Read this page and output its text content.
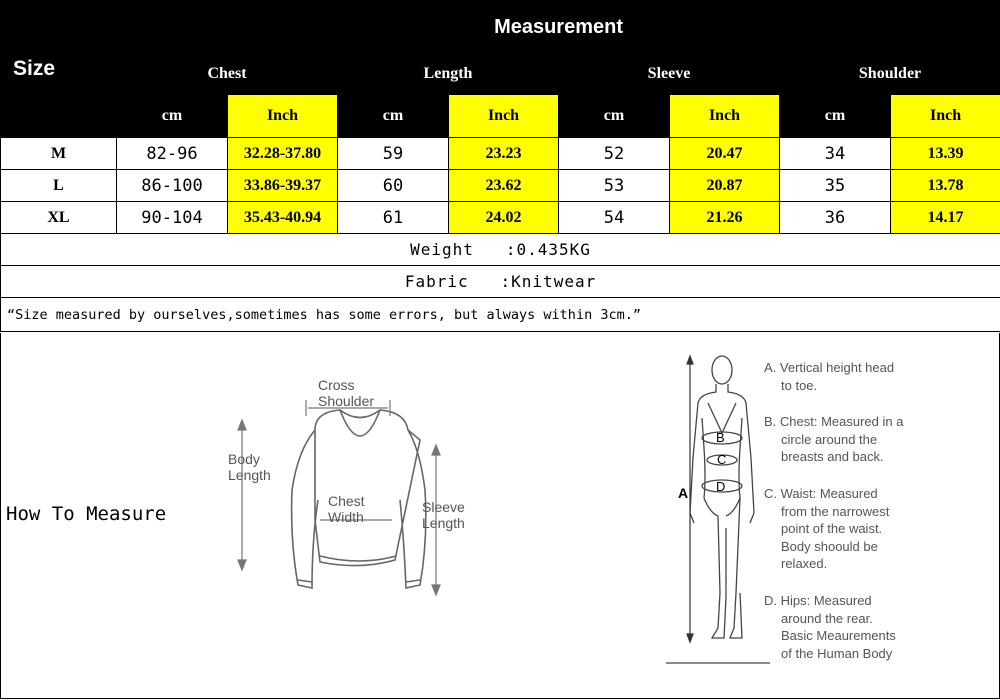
Size	Measurement							
	Chest		Length		Sleeve		Shoulder	
	cm	Inch	cm	Inch	cm	Inch	cm	Inch
M	82-96	32.28-37.80	59	23.23	52	20.47	34	13.39
L	86-100	33.86-39.37	60	23.62	53	20.87	35	13.78
XL	90-104	35.43-40.94	61	24.02	54	21.26	36	14.17
Weight   :0.435KG								
Fabric   :Knitwear								
“Size measured by ourselves,sometimes has some errors, but always within 3cm.”								
How To Measure
Cross
Shoulder
Body
Length
Chest
Width
Sleeve
Length
A
B
C
D
A. Vertical height head
to toe.
B. Chest: Measured in a
circle around the
breasts and back.
C. Waist: Measured
from the narrowest
point of the waist.
Body shoould be
relaxed.
D. Hips: Measured
around the rear.
Basic Meaurements
of the Human Body
